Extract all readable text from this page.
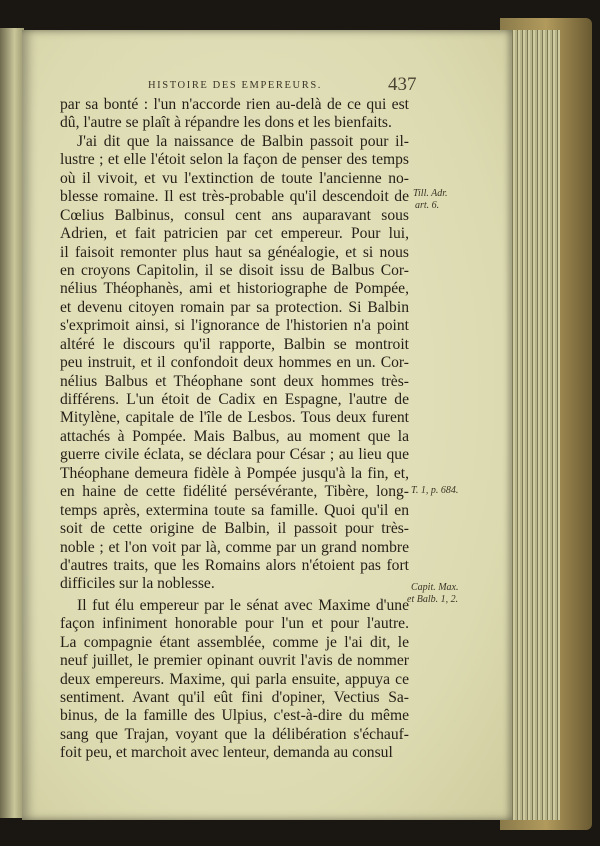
HISTOIRE DES EMPEREURS.	437
par sa bonté : l'un n'accorde rien au-delà de ce qui est
dû, l'autre se plaît à répandre les dons et les bienfaits.
J'ai dit que la naissance de Balbin passoit pour il-
lustre ; et elle l'étoit selon la façon de penser des temps
où il vivoit, et vu l'extinction de toute l'ancienne no-
blesse romaine. Il est très-probable qu'il descendoit de
Cœlius Balbinus, consul cent ans auparavant sous
Adrien, et fait patricien par cet empereur. Pour lui,
il faisoit remonter plus haut sa généalogie, et si nous
en croyons Capitolin, il se disoit issu de Balbus Cor-
nélius Théophanès, ami et historiographe de Pompée,
et devenu citoyen romain par sa protection. Si Balbin
s'exprimoit ainsi, si l'ignorance de l'historien n'a point
altéré le discours qu'il rapporte, Balbin se montroit
peu instruit, et il confondoit deux hommes en un. Cor-
nélius Balbus et Théophane sont deux hommes très-
différens. L'un étoit de Cadix en Espagne, l'autre de
Mitylène, capitale de l'île de Lesbos. Tous deux furent
attachés à Pompée. Mais Balbus, au moment que la
guerre civile éclata, se déclara pour César ; au lieu que
Théophane demeura fidèle à Pompée jusqu'à la fin, et,
en haine de cette fidélité persévérante, Tibère, long-
temps après, extermina toute sa famille. Quoi qu'il en
soit de cette origine de Balbin, il passoit pour très-
noble ; et l'on voit par là, comme par un grand nombre
d'autres traits, que les Romains alors n'étoient pas fort
difficiles sur la noblesse.
Il fut élu empereur par le sénat avec Maxime d'une
façon infiniment honorable pour l'un et pour l'autre.
La compagnie étant assemblée, comme je l'ai dit, le
neuf juillet, le premier opinant ouvrit l'avis de nommer
deux empereurs. Maxime, qui parla ensuite, appuya ce
sentiment. Avant qu'il eût fini d'opiner, Vectius Sa-
binus, de la famille des Ulpius, c'est-à-dire du même
sang que Trajan, voyant que la délibération s'échauf-
foit peu, et marchoit avec lenteur, demanda au consul
Till. Adr.
art. 6.
T. 1, p. 684.
Capit. Max.
et Balb. 1, 2.
